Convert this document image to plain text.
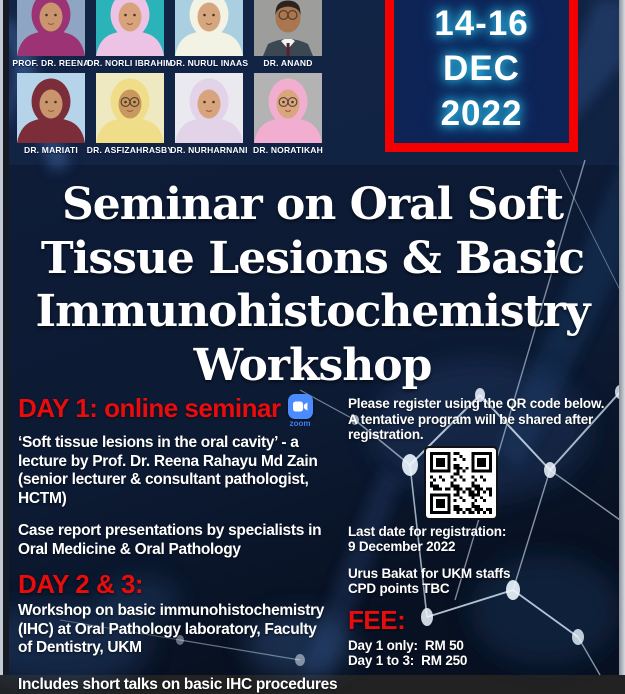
PROF. DR. REENA
DR. NORLI IBRAHIM
DR. NURUL INAAS DR. ANAND
DR. MARIATI DR. ASFIZAHRASBY
DR. NURHARNANI DR. NORATIKAH
14-16
DEC
2022
Seminar on Oral Soft
Tissue Lesions & Basic
Immunohistochemistry
Workshop
DAY 1: online seminar
zoom
‘Soft tissue lesions in the oral cavity’ - a
lecture by Prof. Dr. Reena Rahayu Md Zain
(senior lecturer & consultant pathologist,
HCTM)
Case report presentations by specialists in
Oral Medicine & Oral Pathology
DAY 2 & 3:
Workshop on basic immunohistochemistry
(IHC) at Oral Pathology laboratory, Faculty
of Dentistry, UKM
Includes short talks on basic IHC procedures
Please register using the QR code below.
A tentative program will be shared after
registration.
Last date for registration:
9 December 2022
Urus Bakat for UKM staffs
CPD points TBC
FEE:
Day 1 only:  RM 50
Day 1 to 3:  RM 250
